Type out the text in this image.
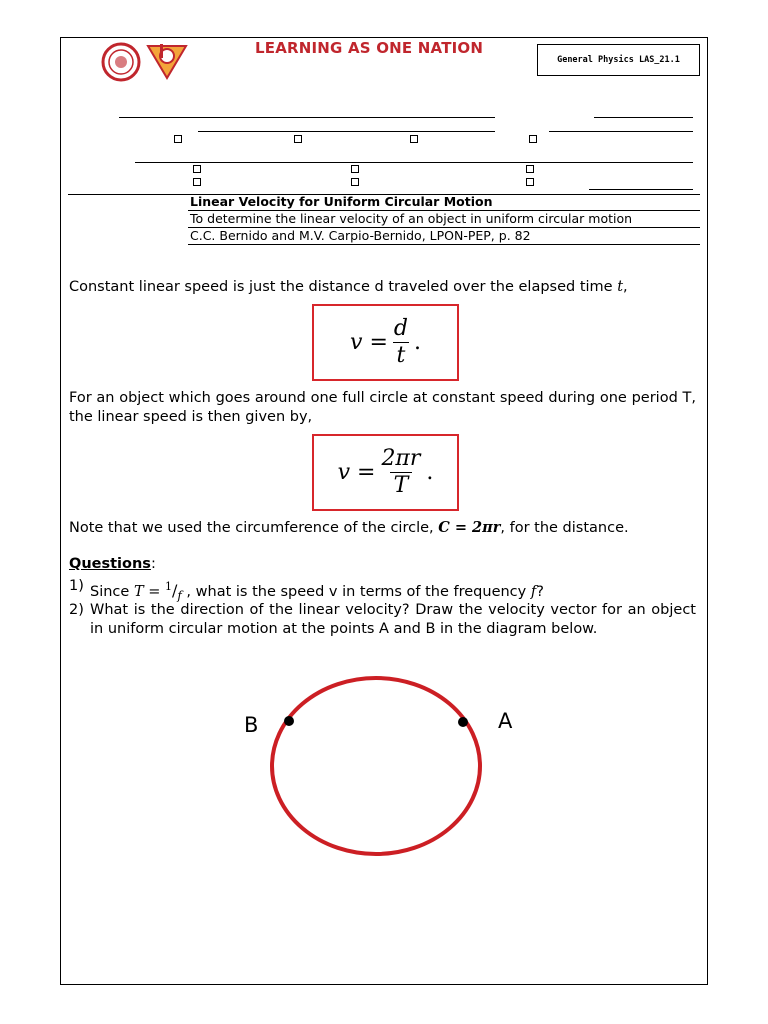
LEARNING AS ONE NATION
General Physics LAS_21.1
Linear Velocity for Uniform Circular Motion
To determine the linear velocity of an object in uniform circular motion
C.C. Bernido and M.V. Carpio-Bernido, LPON-PEP, p. 82
Constant linear speed is just the distance d traveled over the elapsed time t,
$v = \frac{d}{t}$ .
For an object which goes around one full circle at constant speed during one period T, the linear speed is then given by,
$v = \frac{2\pi r}{T}$ .
Note that we used the circumference of the circle, C = 2πr, for the distance.
Questions:
1) Since $T = ^1/_f$ , what is the speed v in terms of the frequency f?
2) What is the direction of the linear velocity? Draw the velocity vector for an object in uniform circular motion at the points A and B in the diagram below.
B	A
